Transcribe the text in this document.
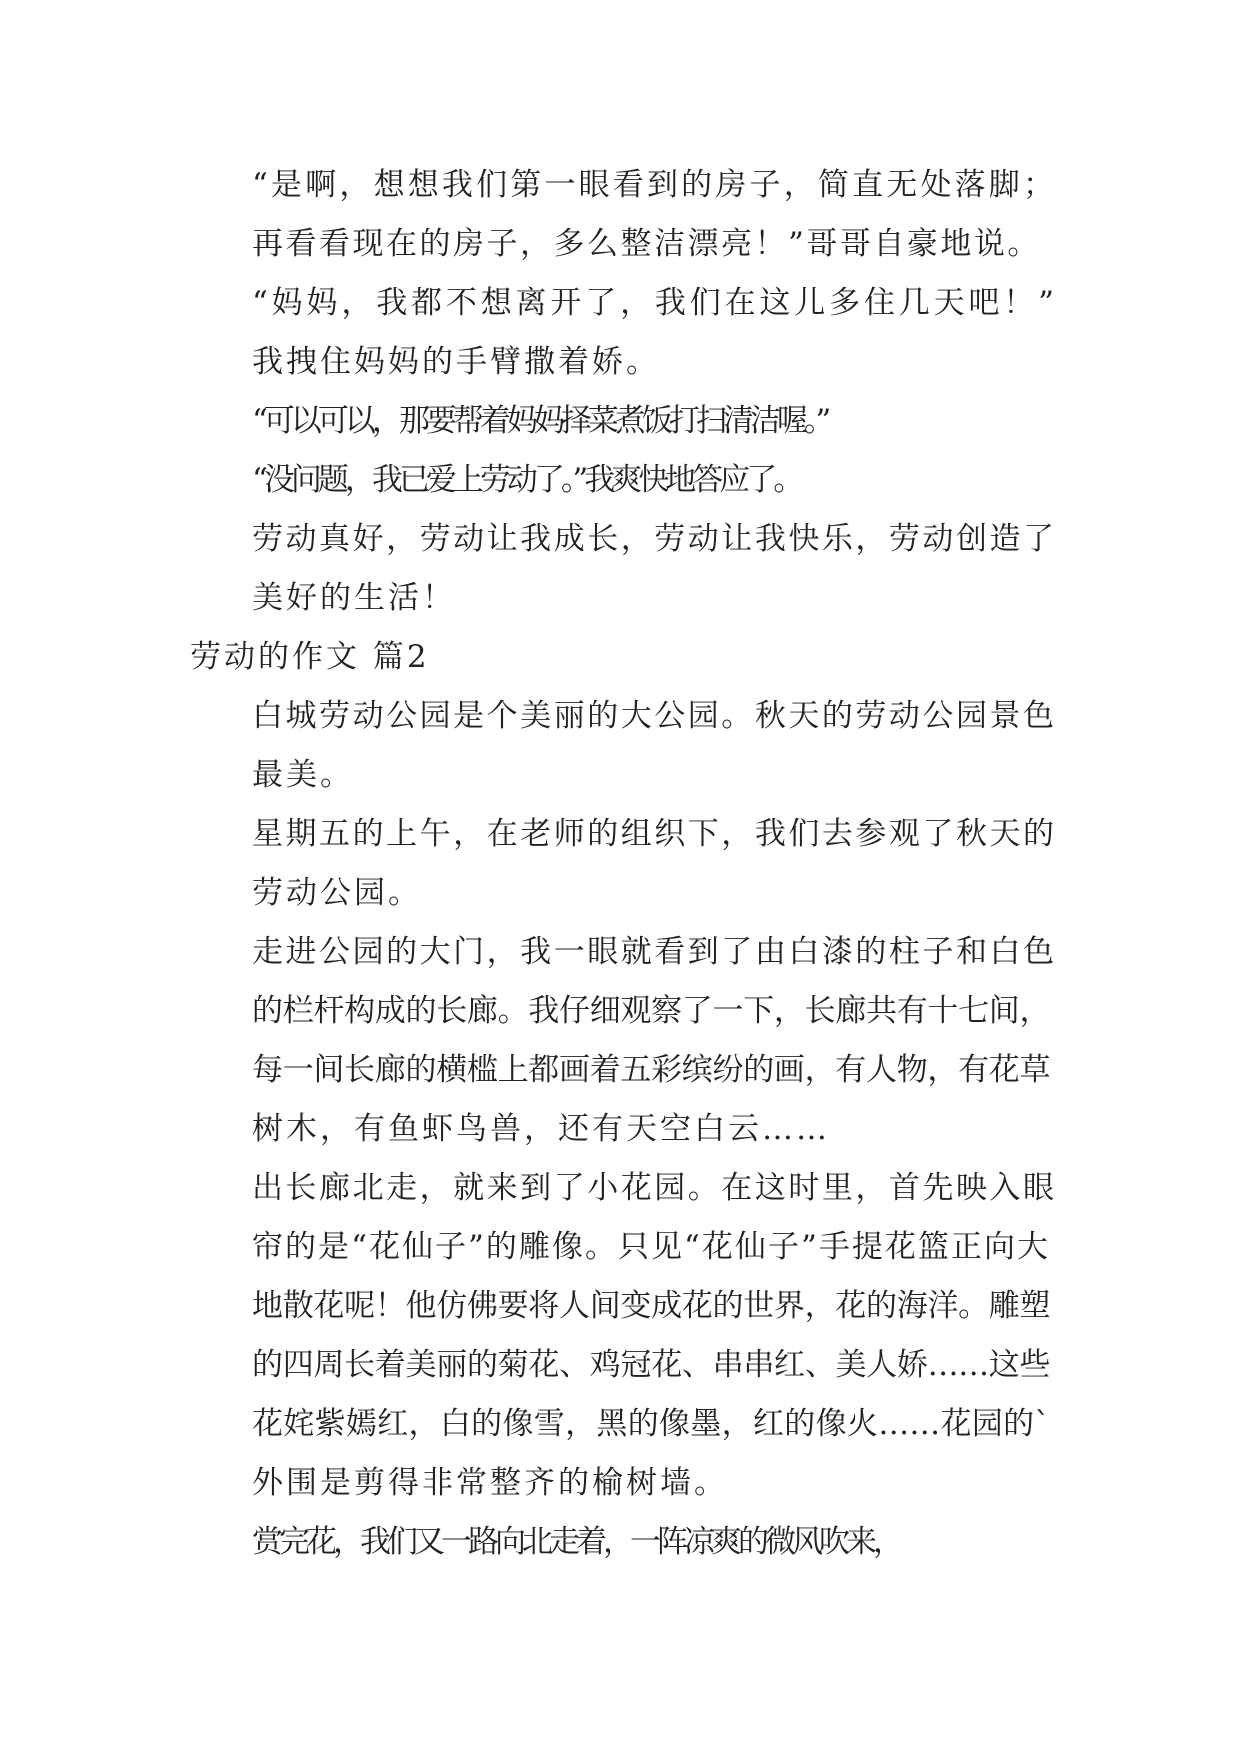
“是啊，想想我们第一眼看到的房子，简直无处落脚；
再看看现在的房子，多么整洁漂亮！”哥哥自豪地说。
“妈妈，我都不想离开了，我们在这儿多住几天吧！”
我拽住妈妈的手臂撒着娇。
“可以可以，那要帮着妈妈择菜煮饭打扫清洁喔。”
“没问题，我已爱上劳动了。”我爽快地答应了。
劳动真好，劳动让我成长，劳动让我快乐，劳动创造了
美好的生活！
劳动的作文 篇2
白城劳动公园是个美丽的大公园。秋天的劳动公园景色
最美。
星期五的上午，在老师的组织下，我们去参观了秋天的
劳动公园。
走进公园的大门，我一眼就看到了由白漆的柱子和白色
的栏杆构成的长廊。我仔细观察了一下，长廊共有十七间，
每一间长廊的横槛上都画着五彩缤纷的画，有人物，有花草
树木，有鱼虾鸟兽，还有天空白云……
出长廊北走，就来到了小花园。在这时里，首先映入眼
帘的是“花仙子”的雕像。只见“花仙子”手提花篮正向大
地散花呢！他仿佛要将人间变成花的世界，花的海洋。雕塑
的四周长着美丽的菊花、鸡冠花、串串红、美人娇……这些
花姹紫嫣红，白的像雪，黑的像墨，红的像火……花园的`
外围是剪得非常整齐的榆树墙。
赏完花，我们又一路向北走着，一阵凉爽的微风吹来，
